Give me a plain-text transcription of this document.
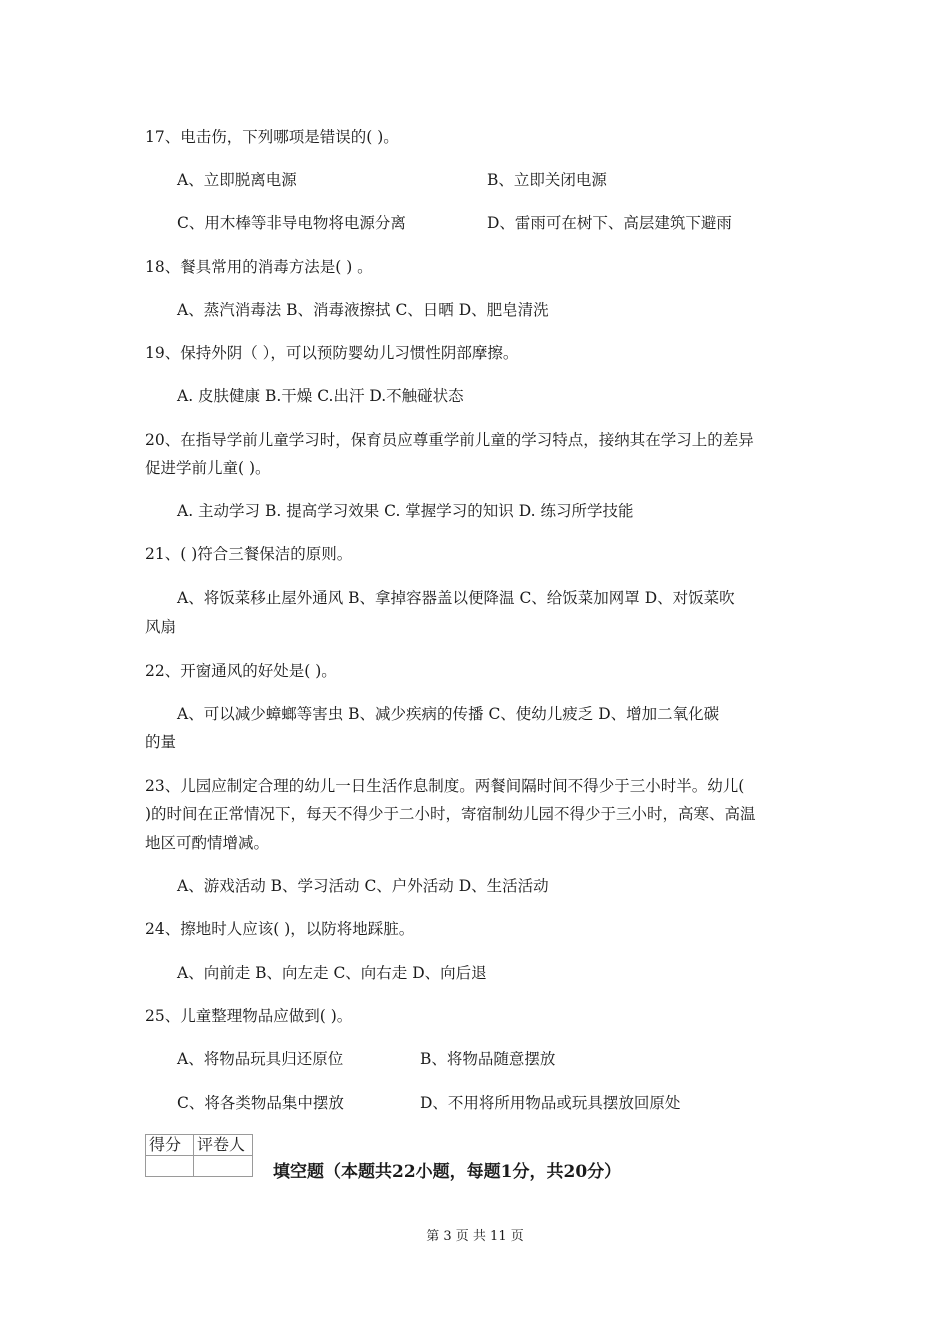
17、电击伤，下列哪项是错误的( )。
A、立即脱离电源	B、立即关闭电源
C、用木棒等非导电物将电源分离	D、雷雨可在树下、高层建筑下避雨
18、餐具常用的消毒方法是( ) 。
A、蒸汽消毒法 B、消毒液擦拭 C、日晒 D、肥皂清洗
19、保持外阴（ ），可以预防婴幼儿习惯性阴部摩擦。
A. 皮肤健康 B.干燥 C.出汗 D.不触碰状态
20、在指导学前儿童学习时，保育员应尊重学前儿童的学习特点，接纳其在学习上的差异
促进学前儿童( )。
A. 主动学习 B. 提高学习效果 C. 掌握学习的知识 D. 练习所学技能
21、( )符合三餐保洁的原则。
A、将饭菜移止屋外通风 B、拿掉容器盖以便降温 C、给饭菜加网罩 D、对饭菜吹
风扇
22、开窗通风的好处是( )。
A、可以减少蟑螂等害虫 B、减少疾病的传播 C、使幼儿疲乏 D、增加二氧化碳
的量
23、儿园应制定合理的幼儿一日生活作息制度。两餐间隔时间不得少于三小时半。幼儿(
)的时间在正常情况下，每天不得少于二小时，寄宿制幼儿园不得少于三小时，高寒、高温
地区可酌情增减。
A、游戏活动 B、学习活动 C、户外活动 D、生活活动
24、擦地时人应该( )，以防将地踩脏。
A、向前走 B、向左走 C、向右走 D、向后退
25、儿童整理物品应做到( )。
A、将物品玩具归还原位	B、将物品随意摆放
C、将各类物品集中摆放	D、不用将所用物品或玩具摆放回原处
得分	评卷人

填空题（本题共22小题，每题1分，共20分）
第 3 页 共 11 页
